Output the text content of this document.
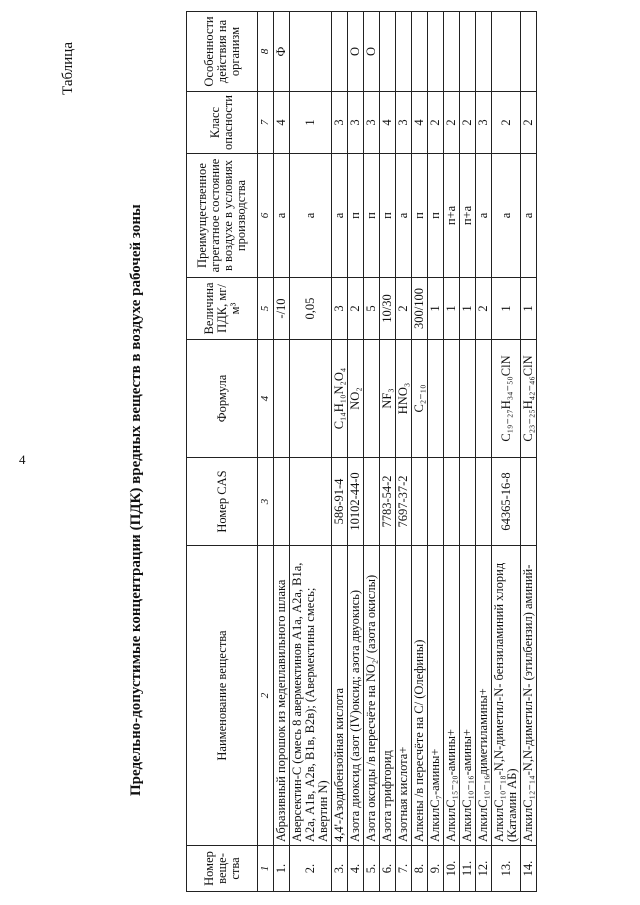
4
Таблица
Предельно-допустимые концентрации (ПДК) вредных веществ в воздухе рабочей зоны
Номер веще-ства	Наименование вещества	Номер CAS	Формула	Величина ПДК, мг/м³	Преимущественное агрегатное состояние в воздухе в условиях производства	Класс опасности	Особенности действия на организм
1	2	3	4	5	6	7	8
1.	Абразивный порошок из медеплавильного шлака			-/10	а	4	Ф
2.	Аверсектин-С (смесь 8 авермектинов А1а, А2а, В1а, А2а, А1в, А2в, В1в, В2в); (Авермектины смесь; Авертин N)			0,05	а	1	
3.	4,4'-Азодибензойная кислота	586-91-4	C₁₄H₁₀N₂O₄	3	а	3	
4.	Азота диоксид (азот (IV)оксид; азота двуокись)	10102-44-0	NO₂	2	п	3	О
5.	Азота оксиды /в пересчёте на NO₂/ (азота окислы)			5	п	3	О
6.	Азота трифторид	7783-54-2	NF₃	10/30	п	4	
7.	Азотная кислота+	7697-37-2	HNO₃	2	а	3	
8.	Алкены /в пересчёте на С/ (Олефины)		C₂₋₁₀	300/100	п	4	
9.	АлкилС₇-амины+			1	п	2	
10.	АлкилС₁₅₋₂₀-амины+			1	п+а	2	
11.	АлкилС₁₀₋₁₆-амины+			1	п+а	2	
12.	АлкилС₁₀₋₁₆диметиламины+			2	а	3	
13.	АлкилС₁₀₋₁₈-N,N-диметил-N- бензиламиний хлорид (Катамин АБ)	64365-16-8	C₁₉₋₂₇H₃₄₋₅₀ClN	1	а	2	
14.	АлкилС₁₂₋₁₄-N,N-диметил-N- (этилбензил) аминий-		C₂₃₋₂₅H₄₂₋₄₆ClN	1	а	2	
